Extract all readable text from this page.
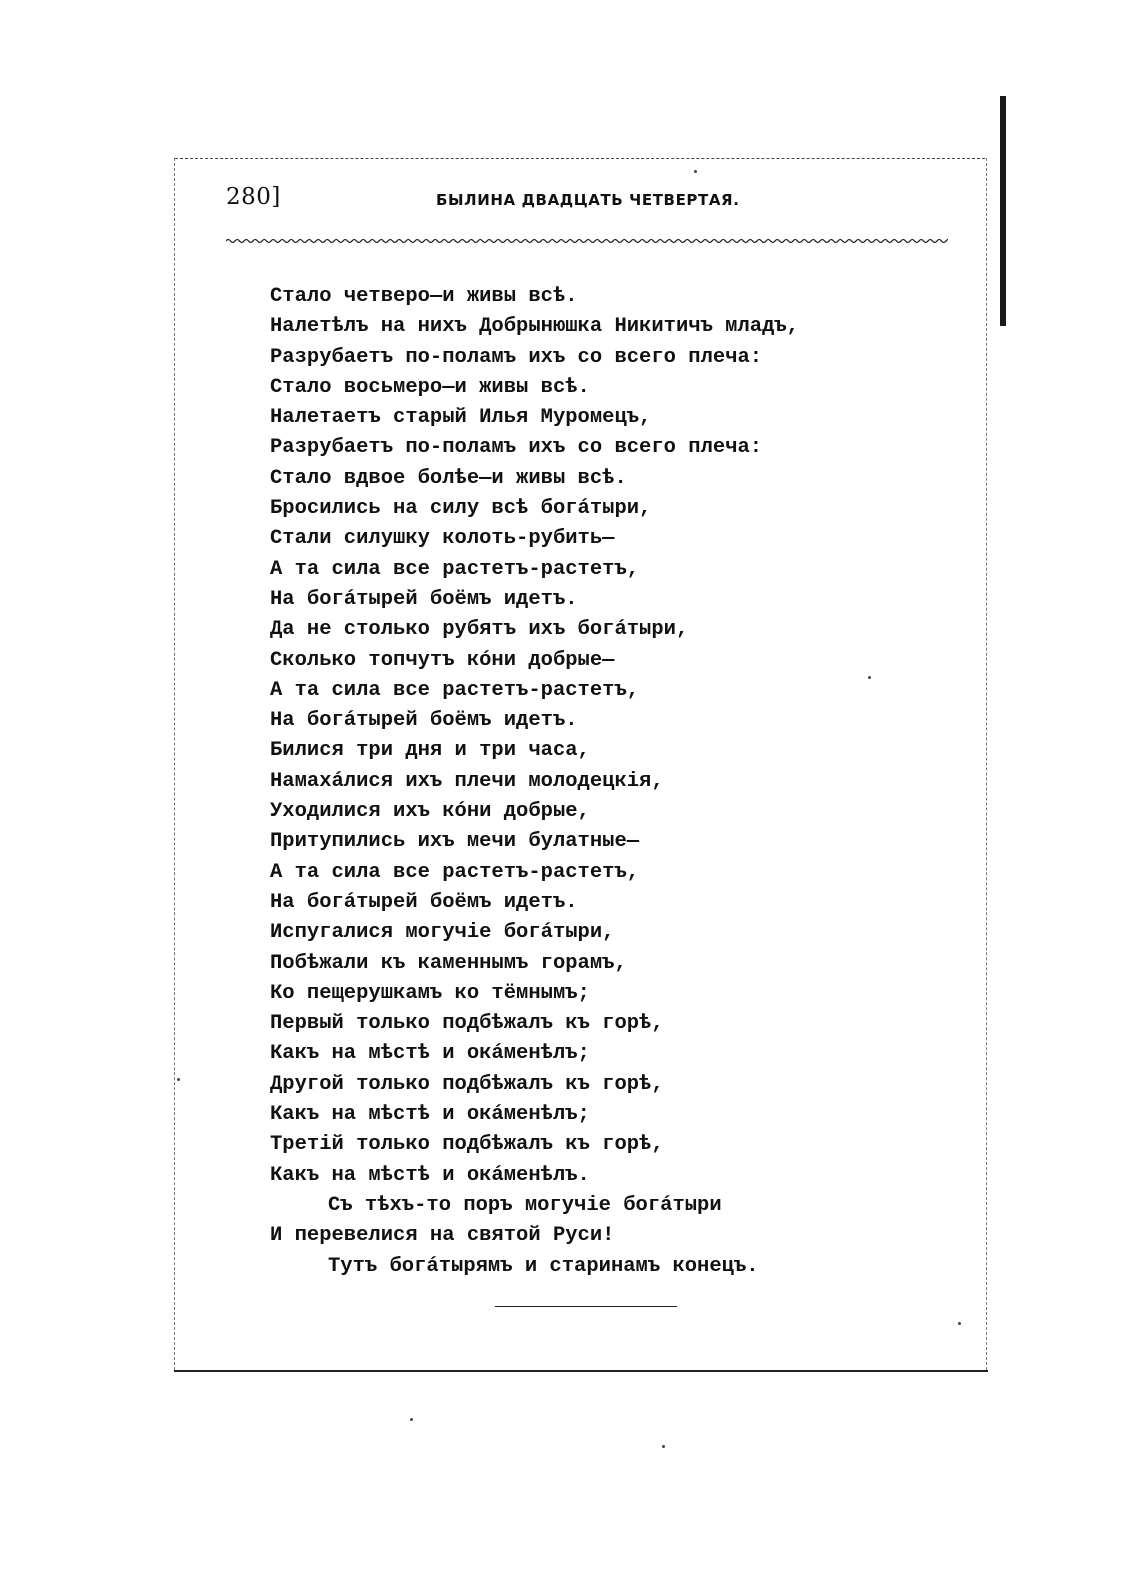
280]	БЫЛИНА ДВАДЦАТЬ ЧЕТВЕРТАЯ.
Стало четверо—и живы всѣ.
Налетѣлъ на нихъ Добрынюшка Никитичъ младъ,
Разрубаетъ по-поламъ ихъ со всего плеча:
Стало восьмеро—и живы всѣ.
Налетаетъ старый Илья Муромецъ,
Разрубаетъ по-поламъ ихъ со всего плеча:
Стало вдвое болѣе—и живы всѣ.
Бросились на силу всѣ богáтыри,
Стали силушку колоть-рубить—
А та сила все растетъ-растетъ,
На богáтырей боёмъ идетъ.
Да не столько рубятъ ихъ богáтыри,
Сколько топчутъ кóни добрые—
А та сила все растетъ-растетъ,
На богáтырей боёмъ идетъ.
Билися три дня и три часа,
Намахáлися ихъ плечи молодецкія,
Уходилися ихъ кóни добрые,
Притупились ихъ мечи булатные—
А та сила все растетъ-растетъ,
На богáтырей боёмъ идетъ.
Испугалися могучіе богáтыри,
Побѣжали къ каменнымъ горамъ,
Ко пещерушкамъ ко тёмнымъ;
Первый только подбѣжалъ къ горѣ,
Какъ на мѣстѣ и окáменѣлъ;
Другой только подбѣжалъ къ горѣ,
Какъ на мѣстѣ и окáменѣлъ;
Третій только подбѣжалъ къ горѣ,
Какъ на мѣстѣ и окáменѣлъ.
Съ тѣхъ-то поръ могучіе богáтыри
И перевелися на святой Руси!
Тутъ богáтырямъ и старинамъ конецъ.
